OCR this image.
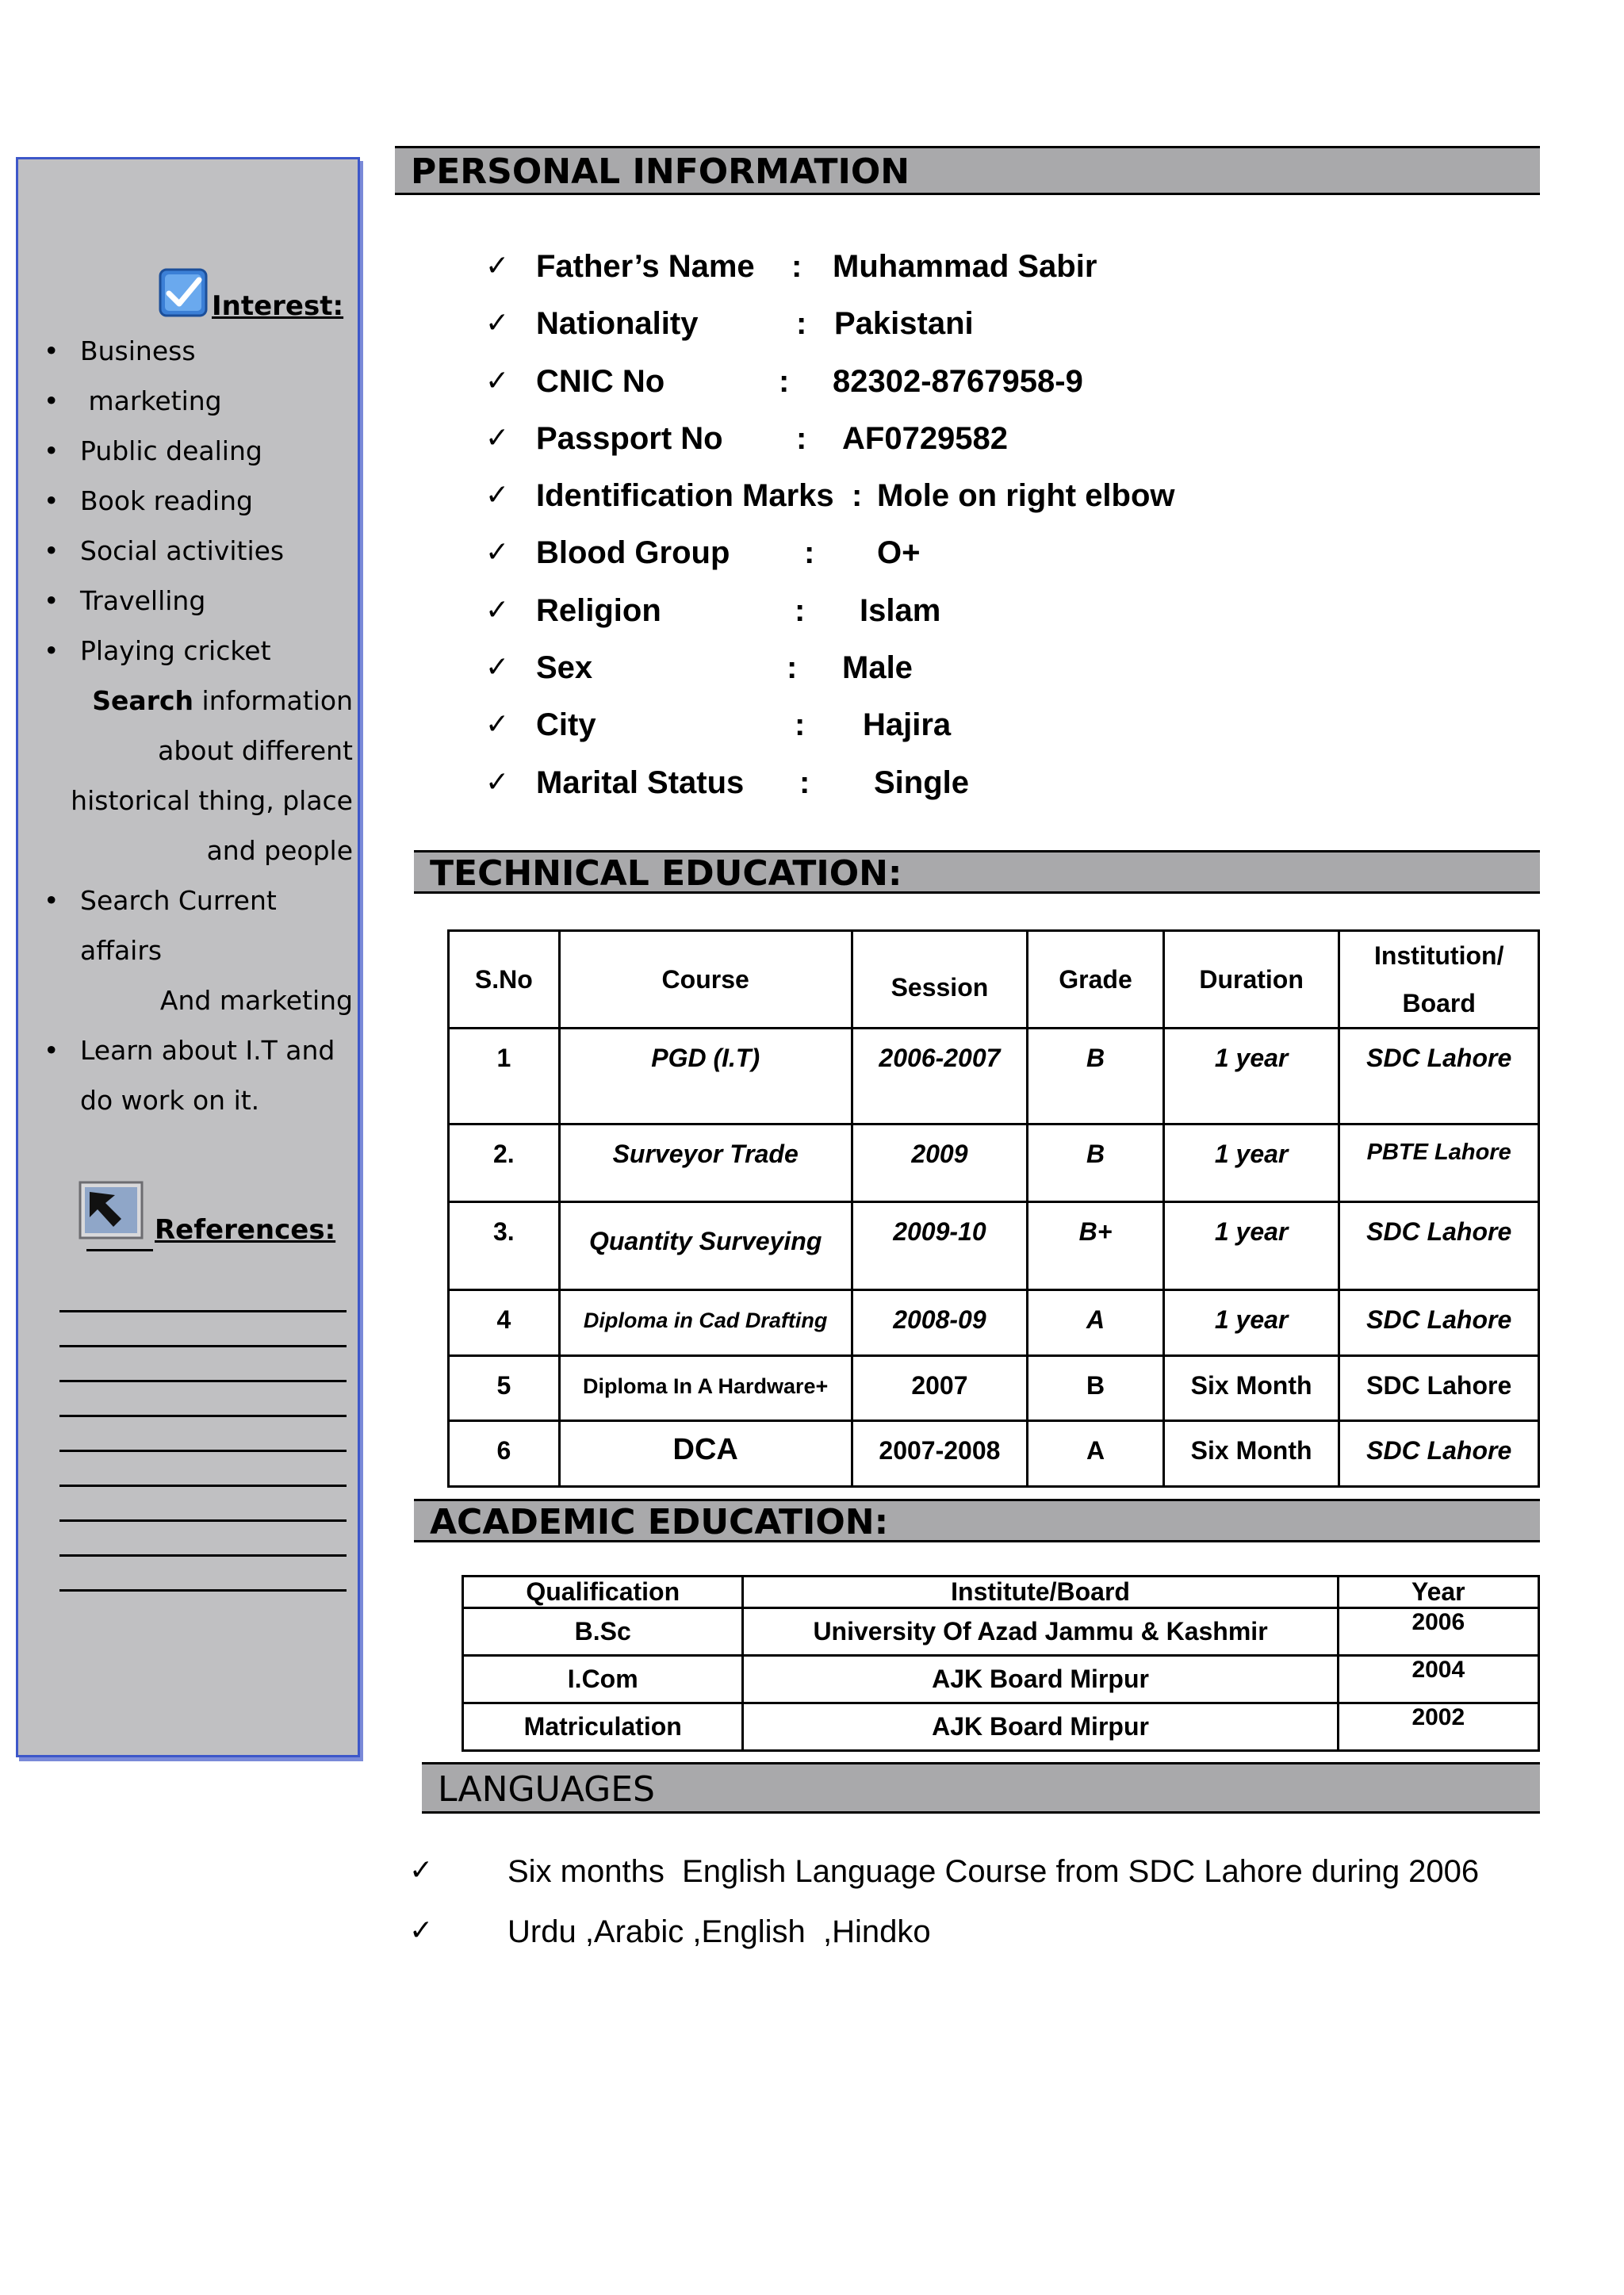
Interest:
• Business
•  marketing
• Public dealing
• Book reading
• Social activities
• Travelling
• Playing cricket
Search information
about different
historical thing, place
and people
• Search Current
affairs
And marketing
• Learn about I.T and
do work on it.
References:
PERSONAL INFORMATION
✓ Father’s Name : Muhammad Sabir
✓ Nationality	: Pakistani
✓ CNIC No	: 82302-8767958-9
✓ Passport No : AF0729582
✓ Identification Marks : Mole on right elbow
✓ Blood Group : O+
✓ Religion	: Islam
✓ Sex	: Male
✓ City	: Hajira
✓ Marital Status : Single
TECHNICAL EDUCATION:
S.No	Course	Session	Grade	Duration	Institution/
Board

1	PGD (I.T)	2006-2007	B	1 year	SDC Lahore
2.	Surveyor Trade	2009	B	1 year	PBTE Lahore
3.	Quantity Surveying	2009-10	B+	1 year	SDC Lahore
4	Diploma in Cad Drafting	2008-09	A	1 year	SDC Lahore
5	Diploma In A Hardware+	2007	B	Six Month	SDC Lahore
6	DCA	2007-2008	A	Six Month	SDC Lahore
ACADEMIC EDUCATION:
Qualification	Institute/Board	Year
B.Sc	University Of Azad Jammu & Kashmir	2006
I.Com	AJK Board Mirpur	2004
Matriculation	AJK Board Mirpur	2002
LANGUAGES
✓ Six months  English Language Course from SDC Lahore during 2006
✓ Urdu ,Arabic ,English  ,Hindko
